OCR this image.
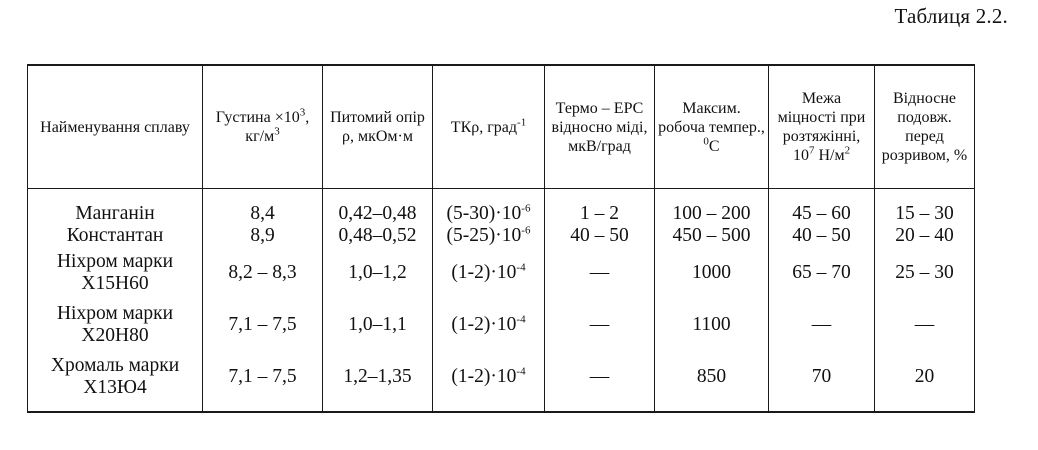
Таблиця 2.2.
Найменування сплаву	Густина $\times 10^3$, $кг/м^3$	Питомий опір ρ, мкОм·м	ТКρ, град$^{-1}$	Термо – ЕРС відносно міді, мкВ/град	Максим. робоча темпер., $^0$С	Межа міцності при розтяжінні, $10^7$ $Н/м^2$	Відносне подовж. перед розривом, %
Манганін	8,4	0,42–0,48	$(5-30)\cdot 10^{-6}$	1 – 2	100 – 200	45 – 60	15 – 30
Константан	8,9	0,48–0,52	$(5-25)\cdot 10^{-6}$	40 – 50	450 – 500	40 – 50	20 – 40
Ніхром марки Х15Н60	8,2 – 8,3	1,0–1,2	$(1-2)\cdot 10^{-4}$	—	1000	65 – 70	25 – 30
Ніхром марки Х20Н80	7,1 – 7,5	1,0–1,1	$(1-2)\cdot 10^{-4}$	—	1100	—	—
Хромаль марки Х13Ю4	7,1 – 7,5	1,2–1,35	$(1-2)\cdot 10^{-4}$	—	850	70	20
